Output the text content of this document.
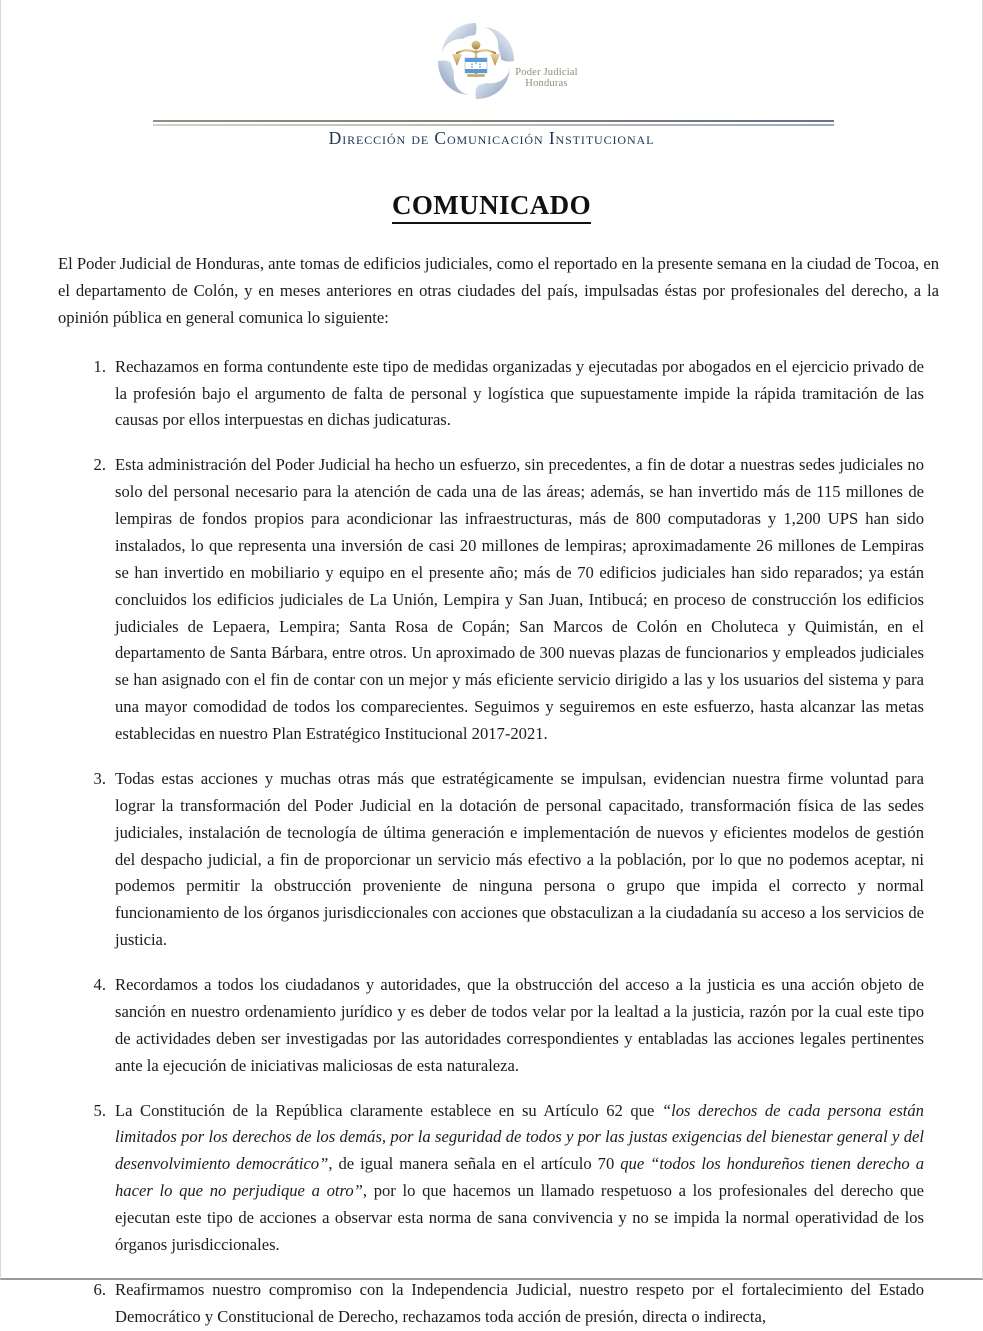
Poder Judicial
Honduras
Dirección de Comunicación Institucional
COMUNICADO

El Poder Judicial de Honduras, ante tomas de edificios judiciales, como el reportado en la presente semana en la ciudad de Tocoa, en el departamento de Colón, y en meses anteriores en otras ciudades del país, impulsadas éstas por profesionales del derecho, a la opinión pública en general comunica lo siguiente:

1. Rechazamos en forma contundente este tipo de medidas organizadas y ejecutadas por abogados en el ejercicio privado de la profesión bajo el argumento de falta de personal y logística que supuestamente impide la rápida tramitación de las causas por ellos interpuestas en dichas judicaturas.
2. Esta administración del Poder Judicial ha hecho un esfuerzo, sin precedentes, a fin de dotar a nuestras sedes judiciales no solo del personal necesario para la atención de cada una de las áreas; además, se han invertido más de 115 millones de lempiras de fondos propios para acondicionar las infraestructuras, más de 800 computadoras y 1,200 UPS han sido instalados, lo que representa una inversión de casi 20 millones de lempiras; aproximadamente 26 millones de Lempiras se han invertido en mobiliario y equipo en el presente año; más de 70 edificios judiciales han sido reparados; ya están concluidos los edificios judiciales de La Unión, Lempira y San Juan, Intibucá; en proceso de construcción los edificios judiciales de Lepaera, Lempira; Santa Rosa de Copán; San Marcos de Colón en Choluteca y Quimistán, en el departamento de Santa Bárbara, entre otros. Un aproximado de 300 nuevas plazas de funcionarios y empleados judiciales se han asignado con el fin de contar con un mejor y más eficiente servicio dirigido a las y los usuarios del sistema y para una mayor comodidad de todos los comparecientes. Seguimos y seguiremos en este esfuerzo, hasta alcanzar las metas establecidas en nuestro Plan Estratégico Institucional 2017-2021.
3. Todas estas acciones y muchas otras más que estratégicamente se impulsan, evidencian nuestra firme voluntad para lograr la transformación del Poder Judicial en la dotación de personal capacitado, transformación física de las sedes judiciales, instalación de tecnología de última generación e implementación de nuevos y eficientes modelos de gestión del despacho judicial, a fin de proporcionar un servicio más efectivo a la población, por lo que no podemos aceptar, ni podemos permitir la obstrucción proveniente de ninguna persona o grupo que impida el correcto y normal funcionamiento de los órganos jurisdiccionales con acciones que obstaculizan a la ciudadanía su acceso a los servicios de justicia.
4. Recordamos a todos los ciudadanos y autoridades, que la obstrucción del acceso a la justicia es una acción objeto de sanción en nuestro ordenamiento jurídico y es deber de todos velar por la lealtad a la justicia, razón por la cual este tipo de actividades deben ser investigadas por las autoridades correspondientes y entabladas las acciones legales pertinentes ante la ejecución de iniciativas maliciosas de esta naturaleza.
5. La Constitución de la República claramente establece en su Artículo 62 que “los derechos de cada persona están limitados por los derechos de los demás, por la seguridad de todos y por las justas exigencias del bienestar general y del desenvolvimiento democrático”, de igual manera señala en el artículo 70 que “todos los hondureños tienen derecho a hacer lo que no perjudique a otro”, por lo que hacemos un llamado respetuoso a los profesionales del derecho que ejecutan este tipo de acciones a observar esta norma de sana convivencia y no se impida la normal operatividad de los órganos jurisdiccionales.
6. Reafirmamos nuestro compromiso con la Independencia Judicial, nuestro respeto por el fortalecimiento del Estado Democrático y Constitucional de Derecho, rechazamos toda acción de presión, directa o indirecta,
